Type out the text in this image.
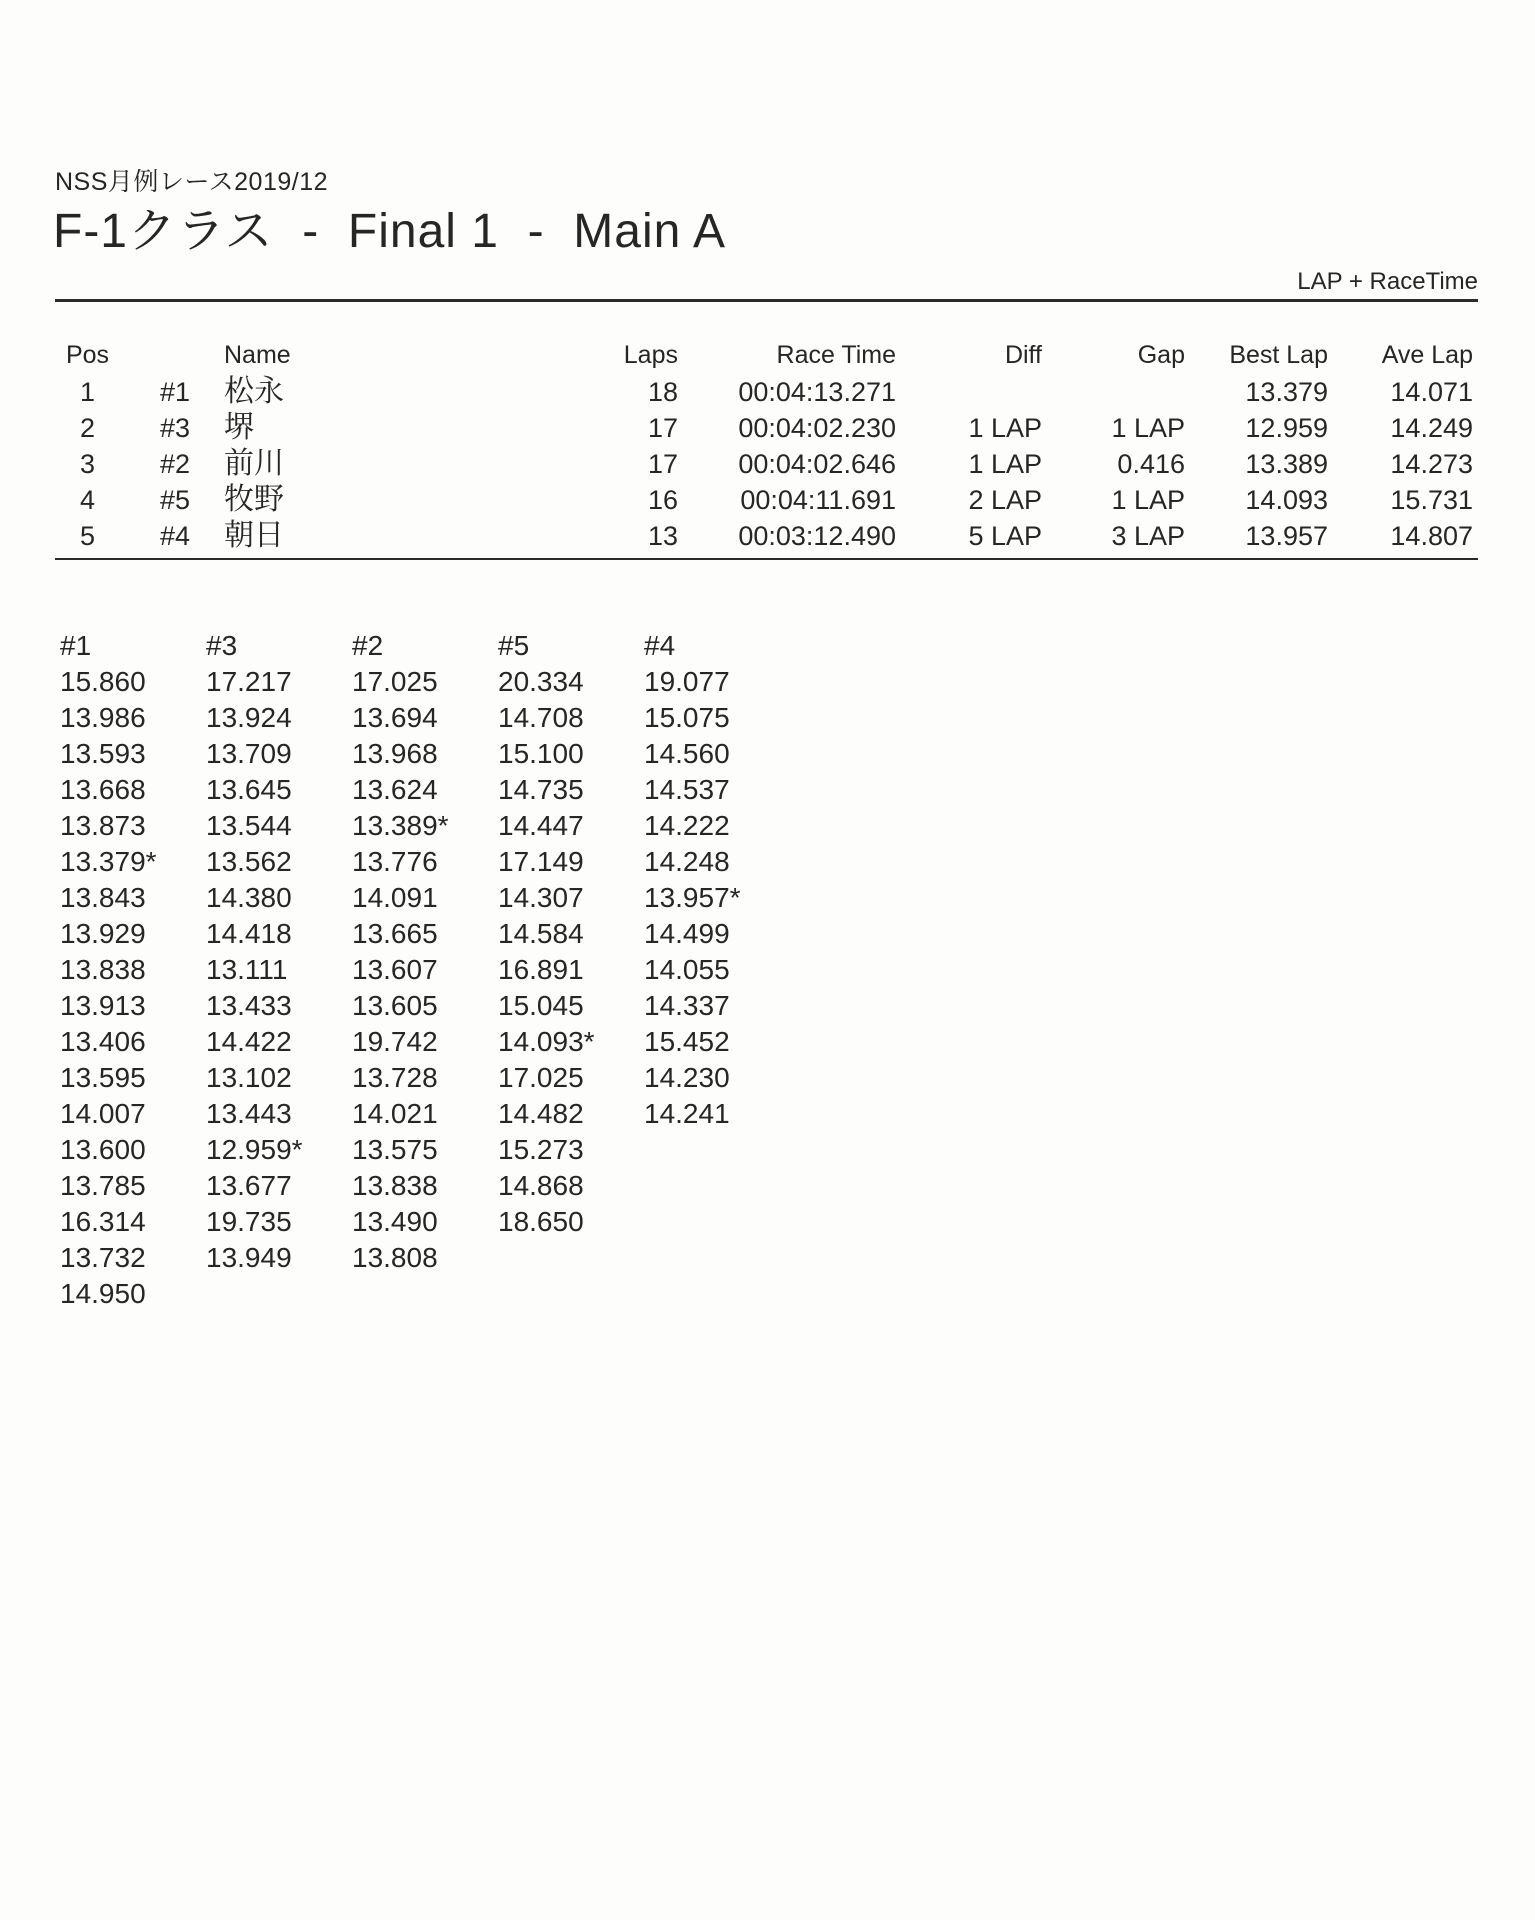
NSS月例レース2019/12
F-1クラス  -  Final 1  -  Main A
LAP + RaceTime
Pos		Name	Laps	Race Time	Diff	Gap	Best Lap	Ave Lap
1	#1	松永	18	00:04:13.271			13.379	14.071
2	#3	堺	17	00:04:02.230	1 LAP	1 LAP	12.959	14.249
3	#2	前川	17	00:04:02.646	1 LAP	0.416	13.389	14.273
4	#5	牧野	16	00:04:11.691	2 LAP	1 LAP	14.093	15.731
5	#4	朝日	13	00:03:12.490	5 LAP	3 LAP	13.957	14.807
#1	#3	#2	#5	#4
15.860	17.217	17.025	20.334	19.077
13.986	13.924	13.694	14.708	15.075
13.593	13.709	13.968	15.100	14.560
13.668	13.645	13.624	14.735	14.537
13.873	13.544	13.389*	14.447	14.222
13.379*	13.562	13.776	17.149	14.248
13.843	14.380	14.091	14.307	13.957*
13.929	14.418	13.665	14.584	14.499
13.838	13.111	13.607	16.891	14.055
13.913	13.433	13.605	15.045	14.337
13.406	14.422	19.742	14.093*	15.452
13.595	13.102	13.728	17.025	14.230
14.007	13.443	14.021	14.482	14.241
13.600	12.959*	13.575	15.273
13.785	13.677	13.838	14.868
16.314	19.735	13.490	18.650
13.732	13.949	13.808
14.950
